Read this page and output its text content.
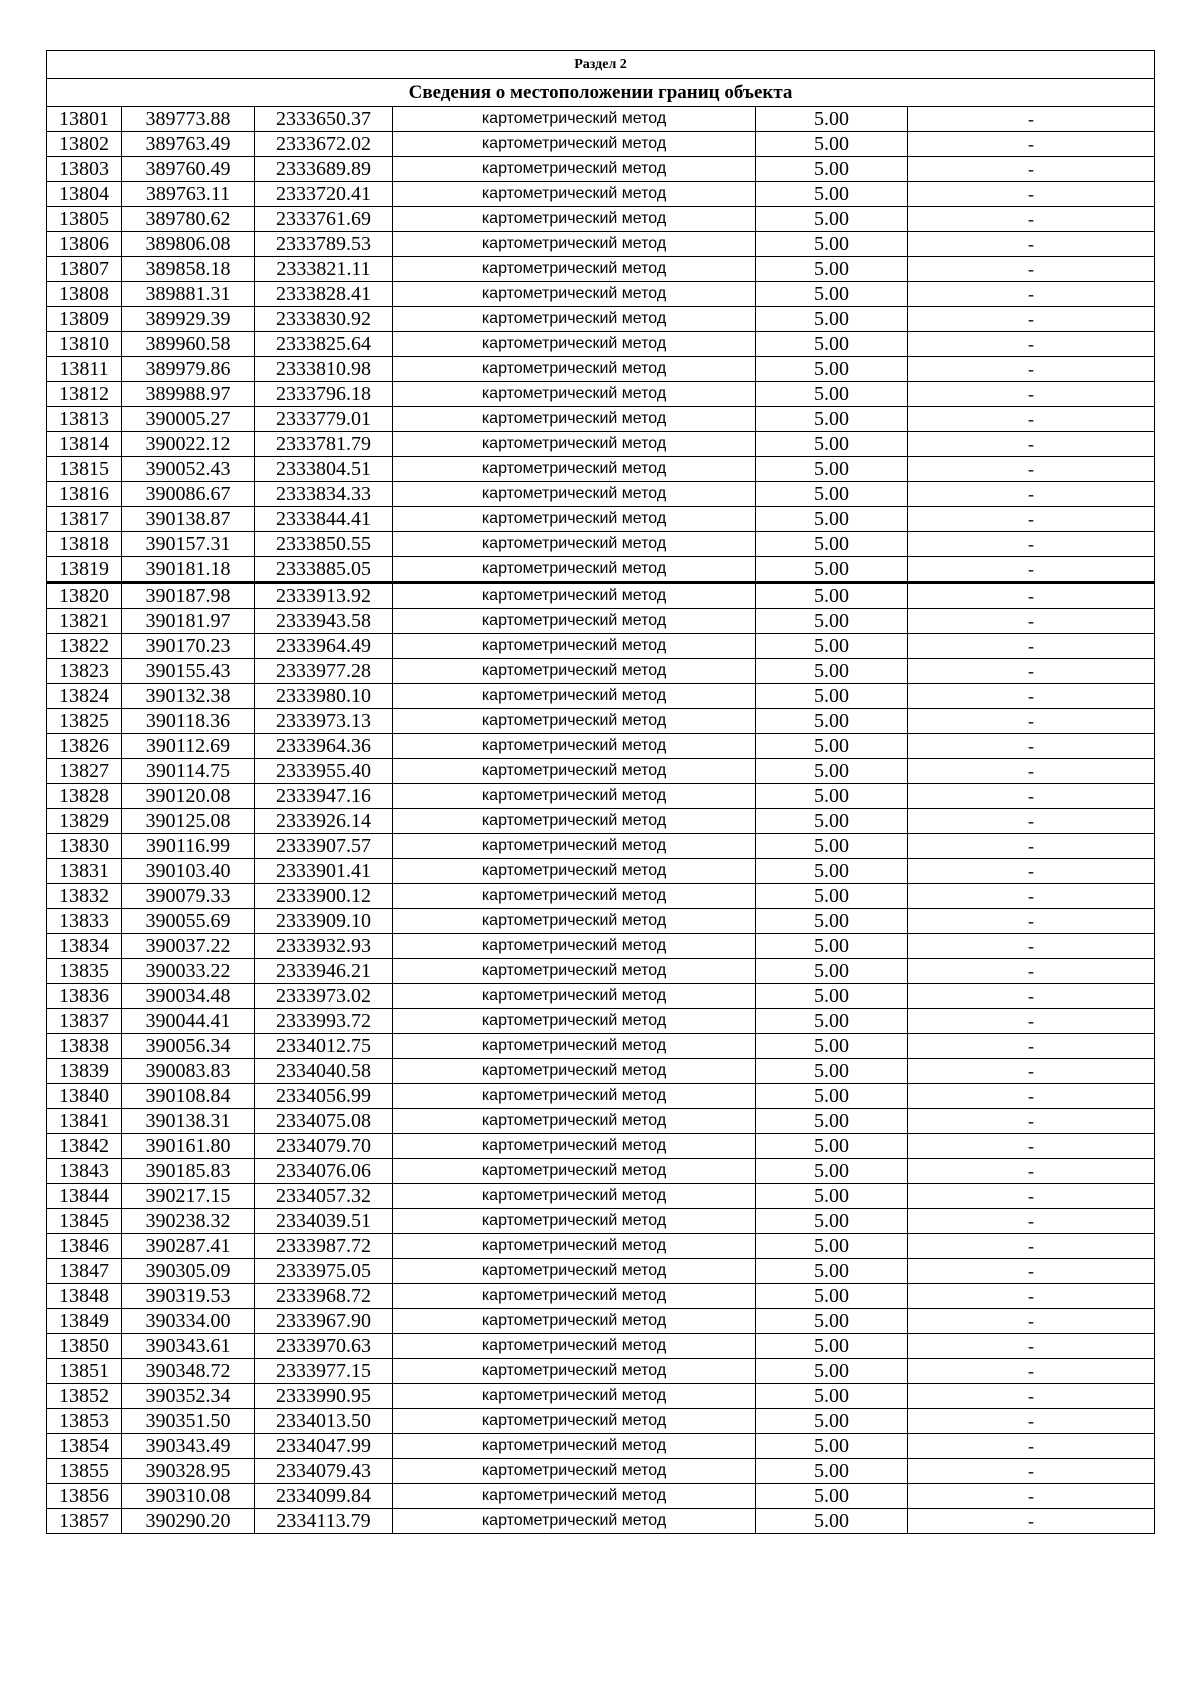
Раздел 2					
Сведения о местоположении границ объекта					
13801	389773.88	2333650.37	картометрический метод	5.00	-
13802	389763.49	2333672.02	картометрический метод	5.00	-
13803	389760.49	2333689.89	картометрический метод	5.00	-
13804	389763.11	2333720.41	картометрический метод	5.00	-
13805	389780.62	2333761.69	картометрический метод	5.00	-
13806	389806.08	2333789.53	картометрический метод	5.00	-
13807	389858.18	2333821.11	картометрический метод	5.00	-
13808	389881.31	2333828.41	картометрический метод	5.00	-
13809	389929.39	2333830.92	картометрический метод	5.00	-
13810	389960.58	2333825.64	картометрический метод	5.00	-
13811	389979.86	2333810.98	картометрический метод	5.00	-
13812	389988.97	2333796.18	картометрический метод	5.00	-
13813	390005.27	2333779.01	картометрический метод	5.00	-
13814	390022.12	2333781.79	картометрический метод	5.00	-
13815	390052.43	2333804.51	картометрический метод	5.00	-
13816	390086.67	2333834.33	картометрический метод	5.00	-
13817	390138.87	2333844.41	картометрический метод	5.00	-
13818	390157.31	2333850.55	картометрический метод	5.00	-
13819	390181.18	2333885.05	картометрический метод	5.00	-
13820	390187.98	2333913.92	картометрический метод	5.00	-
13821	390181.97	2333943.58	картометрический метод	5.00	-
13822	390170.23	2333964.49	картометрический метод	5.00	-
13823	390155.43	2333977.28	картометрический метод	5.00	-
13824	390132.38	2333980.10	картометрический метод	5.00	-
13825	390118.36	2333973.13	картометрический метод	5.00	-
13826	390112.69	2333964.36	картометрический метод	5.00	-
13827	390114.75	2333955.40	картометрический метод	5.00	-
13828	390120.08	2333947.16	картометрический метод	5.00	-
13829	390125.08	2333926.14	картометрический метод	5.00	-
13830	390116.99	2333907.57	картометрический метод	5.00	-
13831	390103.40	2333901.41	картометрический метод	5.00	-
13832	390079.33	2333900.12	картометрический метод	5.00	-
13833	390055.69	2333909.10	картометрический метод	5.00	-
13834	390037.22	2333932.93	картометрический метод	5.00	-
13835	390033.22	2333946.21	картометрический метод	5.00	-
13836	390034.48	2333973.02	картометрический метод	5.00	-
13837	390044.41	2333993.72	картометрический метод	5.00	-
13838	390056.34	2334012.75	картометрический метод	5.00	-
13839	390083.83	2334040.58	картометрический метод	5.00	-
13840	390108.84	2334056.99	картометрический метод	5.00	-
13841	390138.31	2334075.08	картометрический метод	5.00	-
13842	390161.80	2334079.70	картометрический метод	5.00	-
13843	390185.83	2334076.06	картометрический метод	5.00	-
13844	390217.15	2334057.32	картометрический метод	5.00	-
13845	390238.32	2334039.51	картометрический метод	5.00	-
13846	390287.41	2333987.72	картометрический метод	5.00	-
13847	390305.09	2333975.05	картометрический метод	5.00	-
13848	390319.53	2333968.72	картометрический метод	5.00	-
13849	390334.00	2333967.90	картометрический метод	5.00	-
13850	390343.61	2333970.63	картометрический метод	5.00	-
13851	390348.72	2333977.15	картометрический метод	5.00	-
13852	390352.34	2333990.95	картометрический метод	5.00	-
13853	390351.50	2334013.50	картометрический метод	5.00	-
13854	390343.49	2334047.99	картометрический метод	5.00	-
13855	390328.95	2334079.43	картометрический метод	5.00	-
13856	390310.08	2334099.84	картометрический метод	5.00	-
13857	390290.20	2334113.79	картометрический метод	5.00	-
